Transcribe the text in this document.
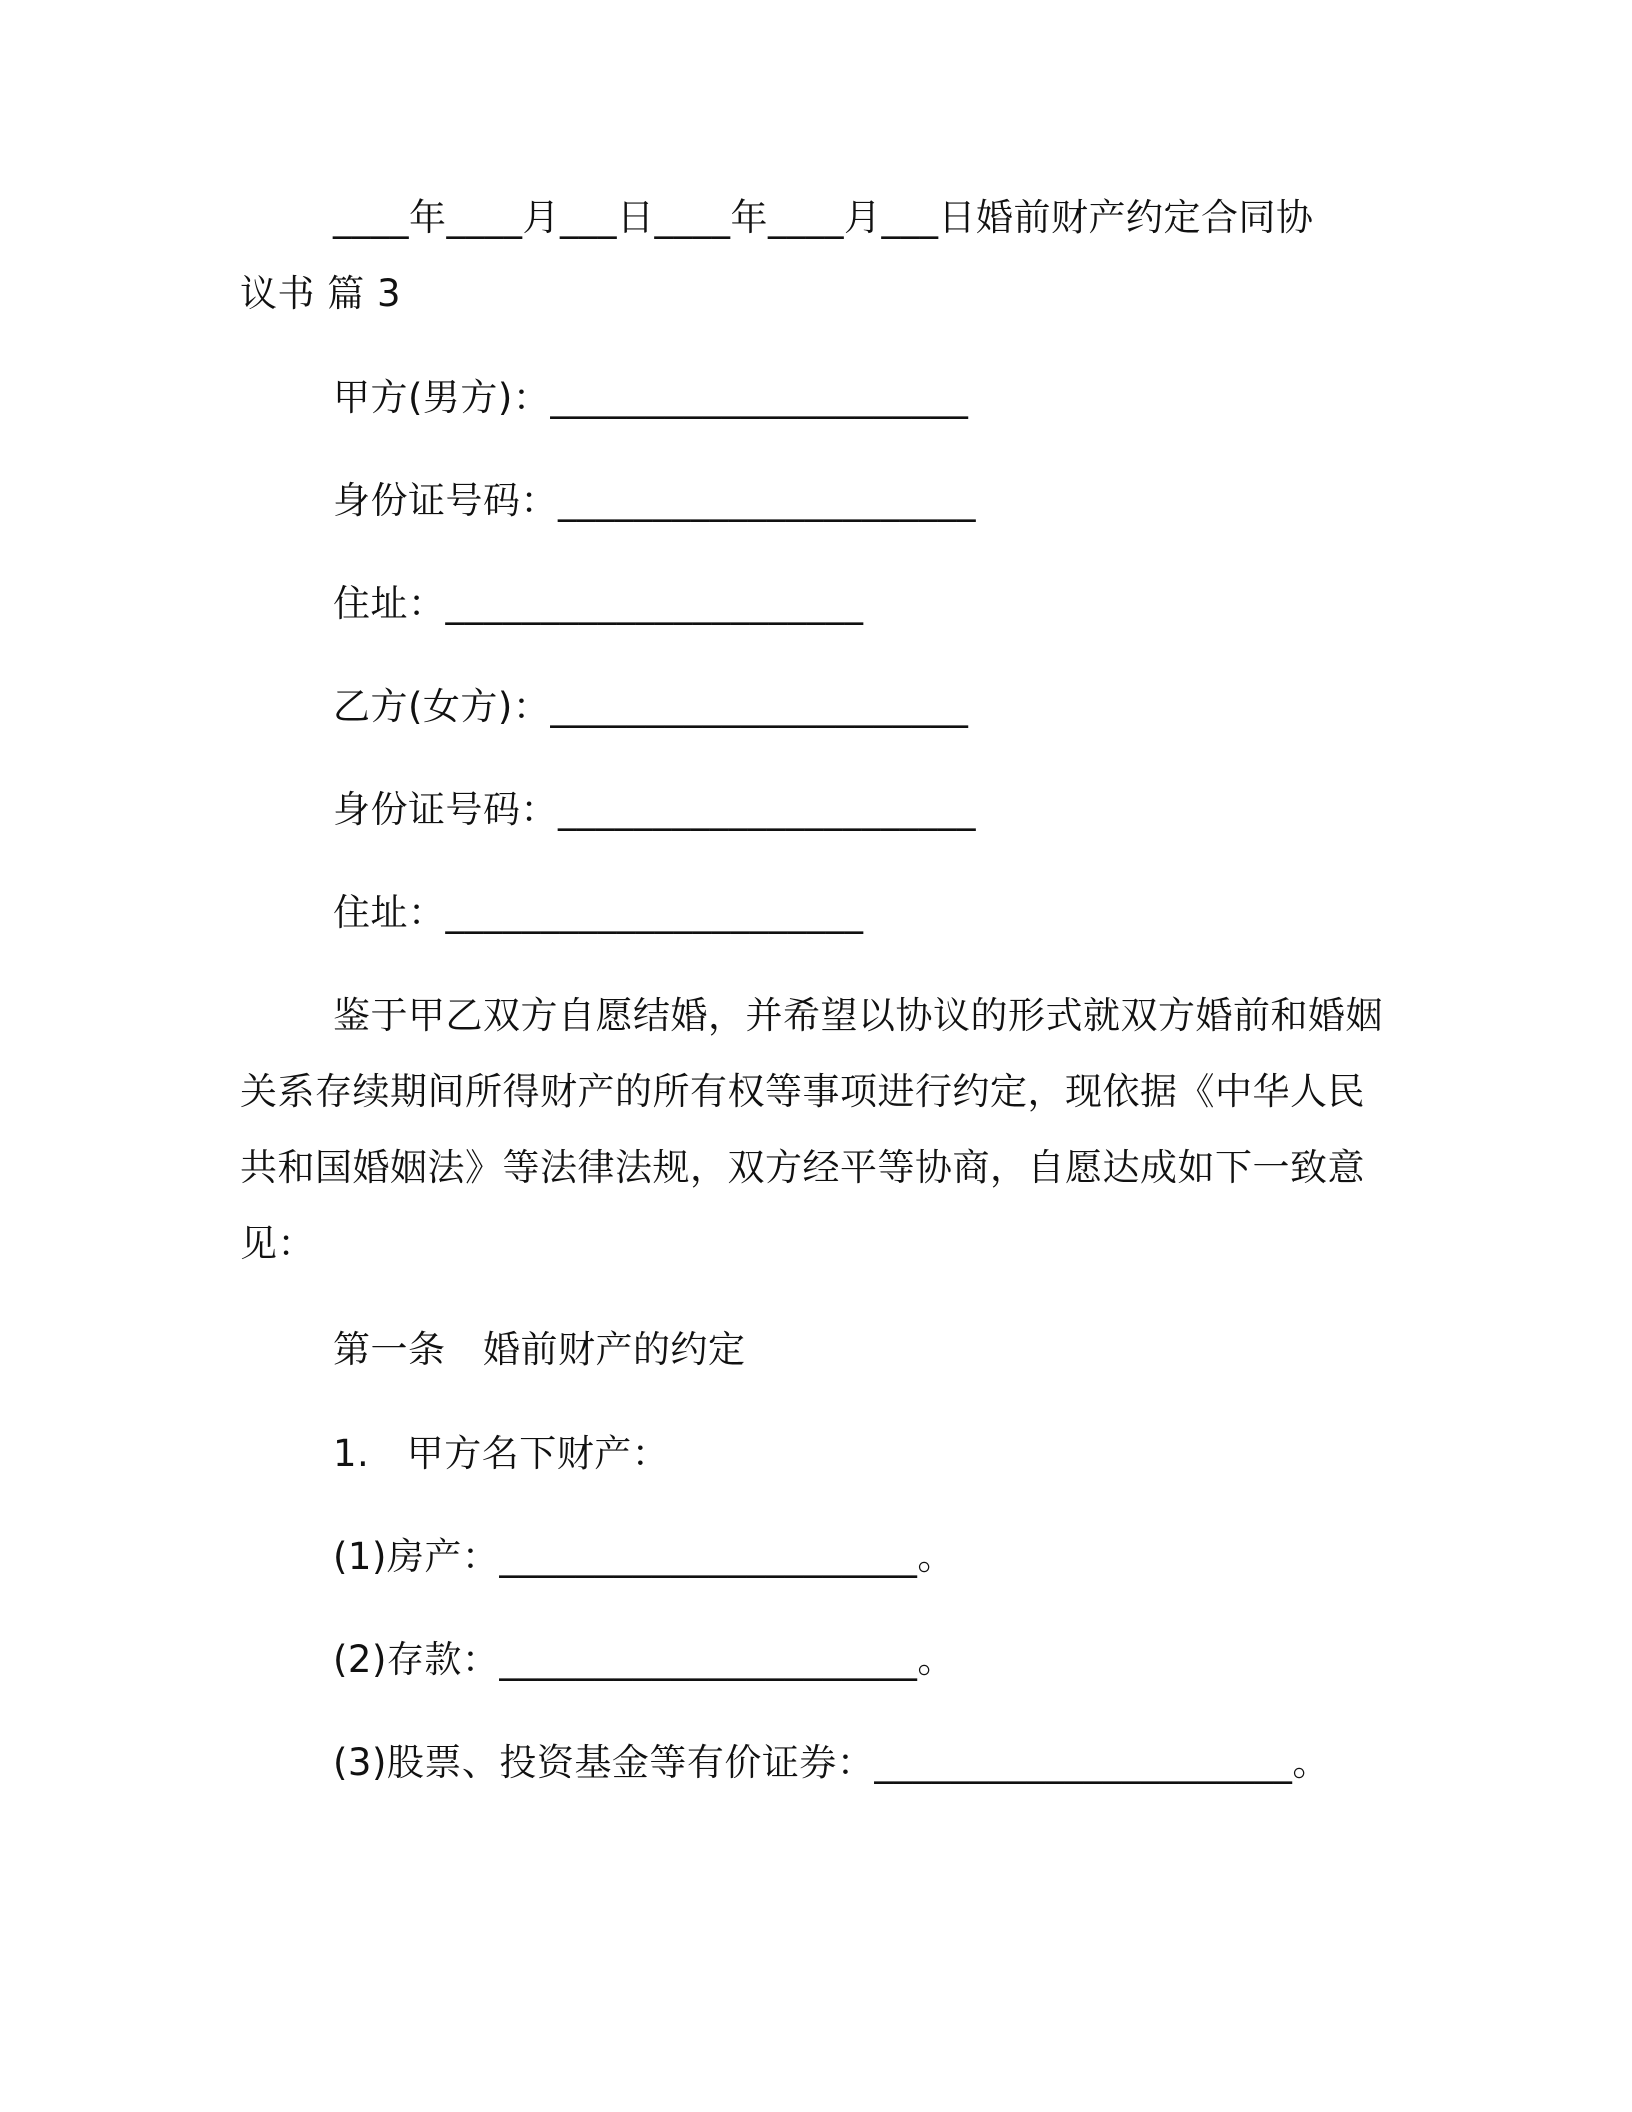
____年____月___日____年____月___日婚前财产约定合同协
议书 篇 3
甲方(男方)：______________________
身份证号码：______________________
住址：______________________
乙方(女方)：______________________
身份证号码：______________________
住址：______________________
鉴于甲乙双方自愿结婚，并希望以协议的形式就双方婚前和婚姻
关系存续期间所得财产的所有权等事项进行约定，现依据《中华人民
共和国婚姻法》等法律法规，双方经平等协商，自愿达成如下一致意
见：
第一条　婚前财产的约定
1.　甲方名下财产：
(1)房产：______________________。
(2)存款：______________________。
(3)股票、投资基金等有价证券：______________________。
